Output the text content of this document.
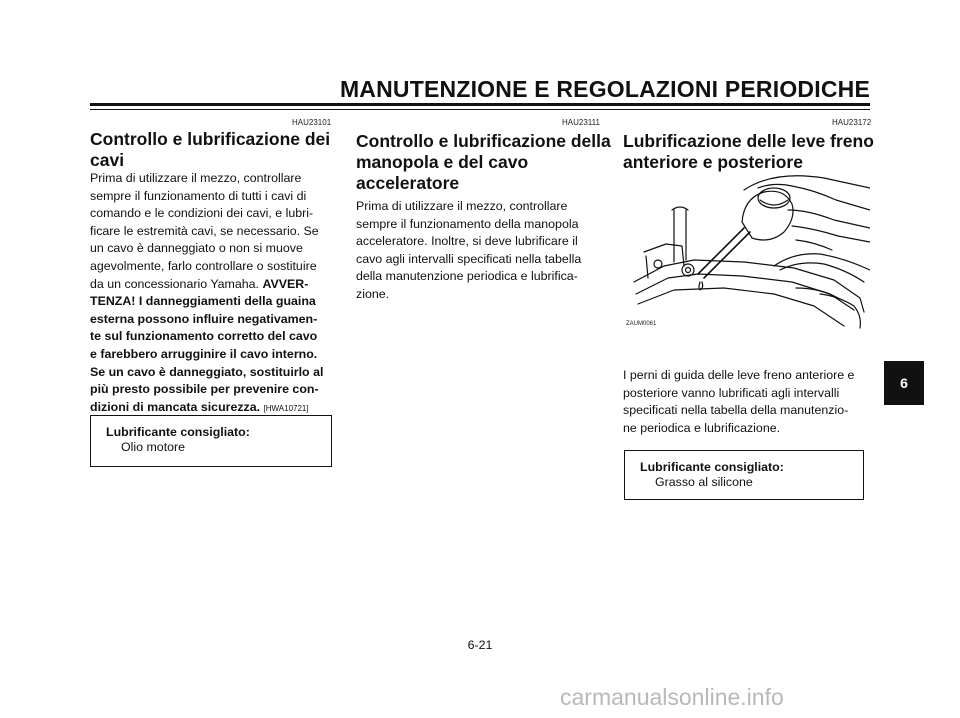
MANUTENZIONE E REGOLAZIONI PERIODICHE
HAU23101
Controllo e lubrificazione dei
cavi
Prima di utilizzare il mezzo, controllare
sempre il funzionamento di tutti i cavi di
comando e le condizioni dei cavi, e lubri-
ficare le estremità cavi, se necessario. Se
un cavo è danneggiato o non si muove
agevolmente, farlo controllare o sostituire
da un concessionario Yamaha. AVVER-
TENZA! I danneggiamenti della guaina
esterna possono influire negativamen-
te sul funzionamento corretto del cavo
e farebbero arrugginire il cavo interno.
Se un cavo è danneggiato, sostituirlo al
più presto possibile per prevenire con-
dizioni di mancata sicurezza. [HWA10721]
Lubrificante consigliato:
Olio motore
HAU23111
Controllo e lubrificazione della
manopola e del cavo
acceleratore
Prima di utilizzare il mezzo, controllare
sempre il funzionamento della manopola
acceleratore. Inoltre, si deve lubrificare il
cavo agli intervalli specificati nella tabella
della manutenzione periodica e lubrifica-
zione.
HAU23172
Lubrificazione delle leve freno
anteriore e posteriore
ZAUM0061
I perni di guida delle leve freno anteriore e
posteriore vanno lubrificati agli intervalli
specificati nella tabella della manutenzio-
ne periodica e lubrificazione.
Lubrificante consigliato:
Grasso al silicone
6
6-21
carmanualsonline.info
